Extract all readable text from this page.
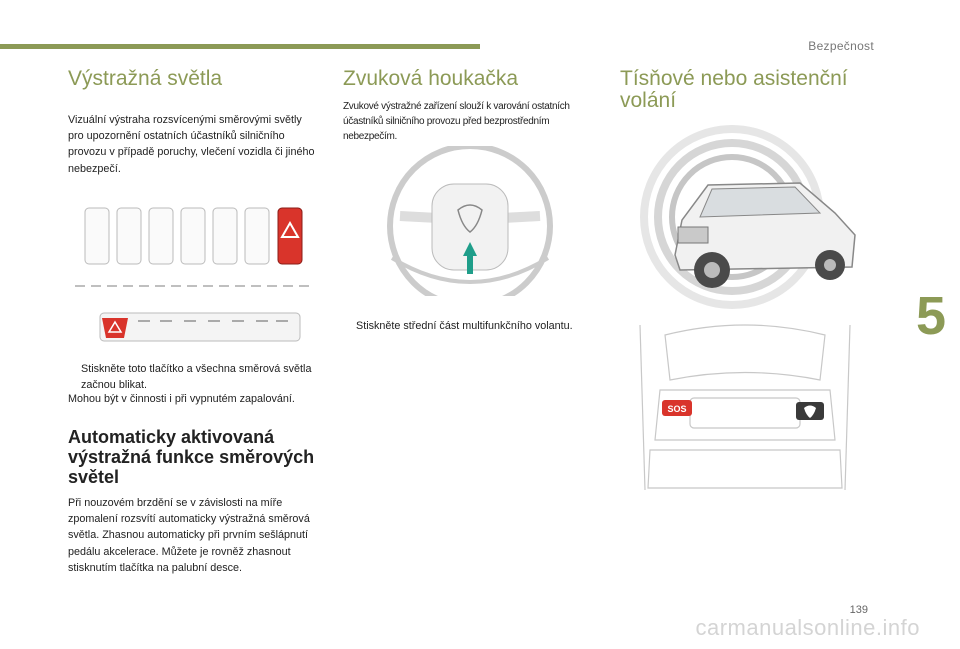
Bezpečnost
5
Výstražná světla

Vizuální výstraha rozsvícenými směrovými světly pro upozornění ostatních účastníků silničního provozu v případě poruchy, vlečení vozidla či jiného nebezpečí.

Stiskněte toto tlačítko a všechna směrová světla začnou blikat.

Mohou být v činnosti i při vypnutém zapalování.

Automaticky aktivovaná výstražná funkce směrových světel

Při nouzovém brzdění se v závislosti na míře zpomalení rozsvítí automaticky výstražná směrová světla. Zhasnou automaticky při prvním sešlápnutí pedálu akcelerace. Můžete je rovněž zhasnout stisknutím tlačítka na palubní desce.

Zvuková houkačka

Zvukové výstražné zařízení slouží k varování ostatních účastníků silničního provozu před bezprostředním nebezpečím.

Stiskněte střední část multifunkčního volantu.
Tísňové nebo asistenční volání
SOS
139
carmanualsonline.info
